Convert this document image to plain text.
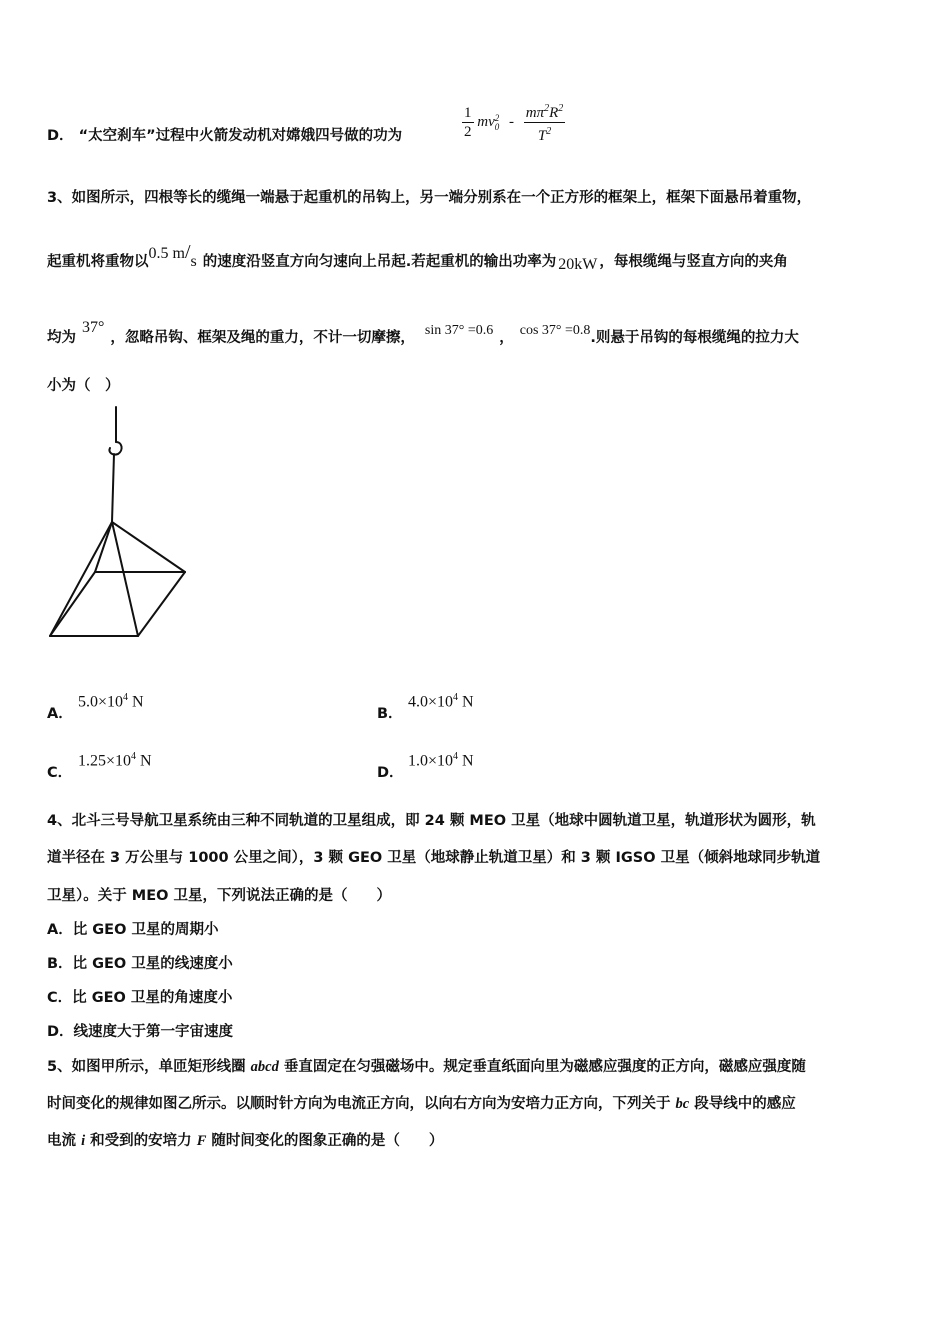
D． “太空刹车”过程中火箭发动机对嫦娥四号做的功为	$\frac{1}{2}$ mv 2
$0 - \frac{m\pi^2R^2}{T^2}$
3、如图所示，四根等长的缆绳一端悬于起重机的吊钩上，另一端分别系在一个正方形的框架上，框架下面悬吊着重物，
起重机将重物以0.5 m/s 的速度沿竖直方向匀速向上吊起.若起重机的输出功率为 20kW ，每根缆绳与竖直方向的夹角
均为37°，忽略吊钩、框架及绳的重力，不计一切摩擦， sin 37° =0.6 ， cos 37° =0.8.则悬于吊钩的每根缆绳的拉力大
小为（　）
A．
$5.0\times 10^4$ N
B．
$4.0\times 10^4$ N
C．
$1.25\times 10^4$ N
D．
$1.0\times 10^4$ N
4、北斗三号导航卫星系统由三种不同轨道的卫星组成，即 24 颗 MEO 卫星（地球中圆轨道卫星，轨道形状为圆形，轨
道半径在 3 万公里与 1000 公里之间），3 颗 GEO 卫星（地球静止轨道卫星）和 3 颗 IGSO 卫星（倾斜地球同步轨道
卫星）。关于 MEO 卫星，下列说法正确的是（　　）
A．比 GEO 卫星的周期小
B．比 GEO 卫星的线速度小
C．比 GEO 卫星的角速度小
D．线速度大于第一宇宙速度
5、如图甲所示，单匝矩形线圈 abcd 垂直固定在匀强磁场中。规定垂直纸面向里为磁感应强度的正方向，磁感应强度随
时间变化的规律如图乙所示。以顺时针方向为电流正方向，以向右方向为安培力正方向，下列关于 bc 段导线中的感应
电流 i 和受到的安培力 F 随时间变化的图象正确的是（　　）
